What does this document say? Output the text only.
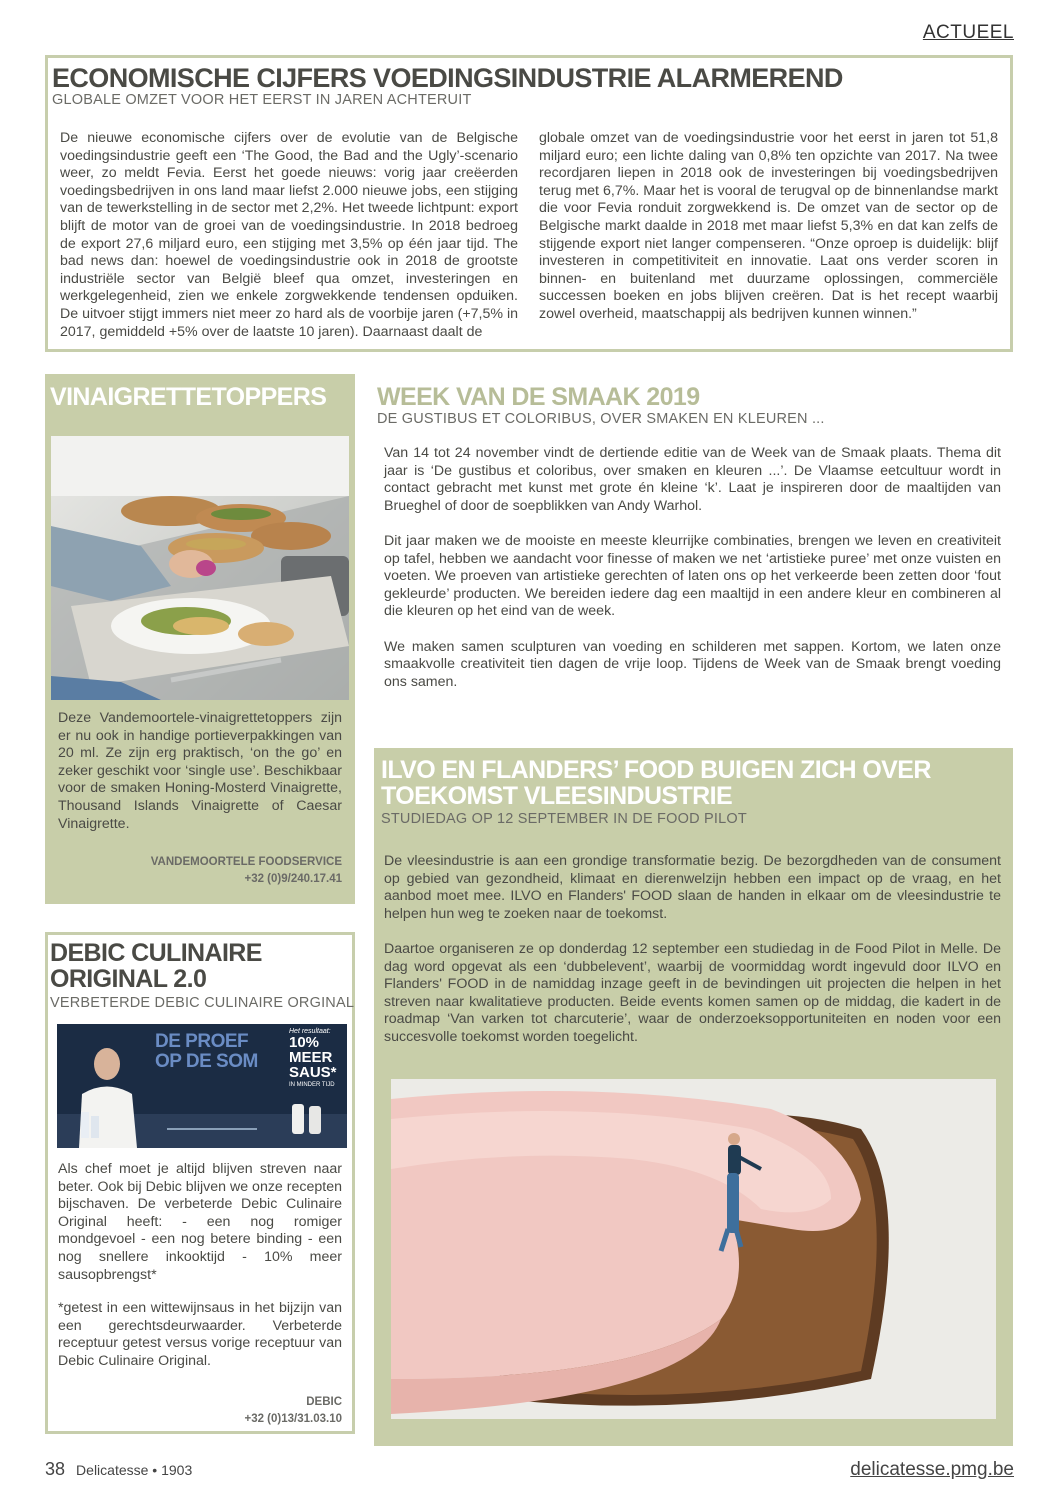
ACTUEEL
ECONOMISCHE CIJFERS VOEDINGSINDUSTRIE ALARMEREND
GLOBALE OMZET VOOR HET EERST IN JAREN ACHTERUIT
De nieuwe economische cijfers over de evolutie van de Belgische voedingsindustrie geeft een ‘The Good, the Bad and the Ugly’-scenario weer, zo meldt Fevia. Eerst het goede nieuws: vorig jaar creëerden voedingsbedrijven in ons land maar liefst 2.000 nieuwe jobs, een stijging van de tewerkstelling in de sector met 2,2%. Het tweede lichtpunt: export blijft de motor van de groei van de voedingsindustrie. In 2018 bedroeg de export 27,6 miljard euro, een stijging met 3,5% op één jaar tijd. The bad news dan: hoewel de voedingsindustrie ook in 2018 de grootste industriële sector van België bleef qua omzet, investeringen en werkgelegenheid, zien we enkele zorgwekkende tendensen opduiken. De uitvoer stijgt immers niet meer zo hard als de voorbije jaren (+7,5% in 2017, gemiddeld +5% over de laatste 10 jaren). Daarnaast daalt de
globale omzet van de voedingsindustrie voor het eerst in jaren tot 51,8 miljard euro; een lichte daling van 0,8% ten opzichte van 2017. Na twee recordjaren liepen in 2018 ook de investeringen bij voedingsbedrijven terug met 6,7%. Maar het is vooral de terugval op de binnenlandse markt die voor Fevia ronduit zorgwekkend is. De omzet van de sector op de Belgische markt daalde in 2018 met maar liefst 5,3% en dat kan zelfs de stijgende export niet langer compenseren. “Onze oproep is duidelijk: blijf investeren in competitiviteit en innovatie. Laat ons verder scoren in binnen- en buitenland met duurzame oplossingen, commerciële successen boeken en jobs blijven creëren. Dat is het recept waarbij zowel overheid, maatschappij als bedrijven kunnen winnen.”
VINAIGRETTETOPPERS
Deze Vandemoortele-vinaigrettetoppers zijn er nu ook in handige portieverpakkingen van 20 ml. Ze zijn erg praktisch, ‘on the go’ en zeker geschikt voor ‘single use’. Beschikbaar voor de smaken Honing-Mosterd Vinaigrette, Thousand Islands Vinaigrette of Caesar Vinaigrette.
VANDEMOORTELE FOODSERVICE
+32 (0)9/240.17.41
DEBIC CULINAIRE ORIGINAL 2.0
VERBETERDE DEBIC CULINAIRE ORGINAL
DE PROEF OP DE SOM
Het resultaat:
10% MEER SAUS*
IN MINDER TIJD
Als chef moet je altijd blijven streven naar beter. Ook bij Debic blijven we onze recepten bijschaven. De verbeterde Debic Culinaire Original heeft: - een nog romiger mondgevoel - een nog betere binding - een nog snellere inkooktijd - 10% meer sausopbrengst*
*getest in een wittewijnsaus in het bijzijn van een gerechtsdeurwaarder. Verbeterde receptuur getest versus vorige receptuur van Debic Culinaire Original.
DEBIC
+32 (0)13/31.03.10
WEEK VAN DE SMAAK 2019
DE GUSTIBUS ET COLORIBUS, OVER SMAKEN EN KLEUREN ...

Van 14 tot 24 november vindt de dertiende editie van de Week van de Smaak plaats. Thema dit jaar is ‘De gustibus et coloribus, over smaken en kleuren ...’. De Vlaamse eetcultuur wordt in contact gebracht met kunst met grote én kleine ‘k’. Laat je inspireren door de maaltijden van Brueghel of door de soepblikken van Andy Warhol.

Dit jaar maken we de mooiste en meeste kleurrijke combinaties, brengen we leven en creativiteit op tafel, hebben we aandacht voor finesse of maken we net ‘artistieke puree’ met onze vuisten en voeten. We proeven van artistieke gerechten of laten ons op het verkeerde been zetten door ‘fout gekleurde’ producten. We bereiden iedere dag een maaltijd in een andere kleur en combineren al die kleuren op het eind van de week.

We maken samen sculpturen van voeding en schilderen met sappen. Kortom, we laten onze smaakvolle creativiteit tien dagen de vrije loop. Tijdens de Week van de Smaak brengt voeding ons samen.

ILVO EN FLANDERS’ FOOD BUIGEN ZICH OVER TOEKOMST VLEESINDUSTRIE
STUDIEDAG OP 12 SEPTEMBER IN DE FOOD PILOT

De vleesindustrie is aan een grondige transformatie bezig. De bezorgdheden van de consument op gebied van gezondheid, klimaat en dierenwelzijn hebben een impact op de vraag, en het aanbod moet mee. ILVO en Flanders' FOOD slaan de handen in elkaar om de vleesindustrie te helpen hun weg te zoeken naar de toekomst.

Daartoe organiseren ze op donderdag 12 september een studiedag in de Food Pilot in Melle. De dag word opgevat als een ‘dubbelevent’, waarbij de voormiddag wordt ingevuld door ILVO en Flanders' FOOD in de namiddag inzage geeft in de bevindingen uit projecten die helpen in het streven naar kwalitatieve producten. Beide events komen samen op de middag, die kadert in de roadmap ‘Van varken tot charcuterie’, waar de onderzoeksopportuniteiten en noden voor een succesvolle toekomst worden toegelicht.

38 Delicatesse • 1903	delicatesse.pmg.be
